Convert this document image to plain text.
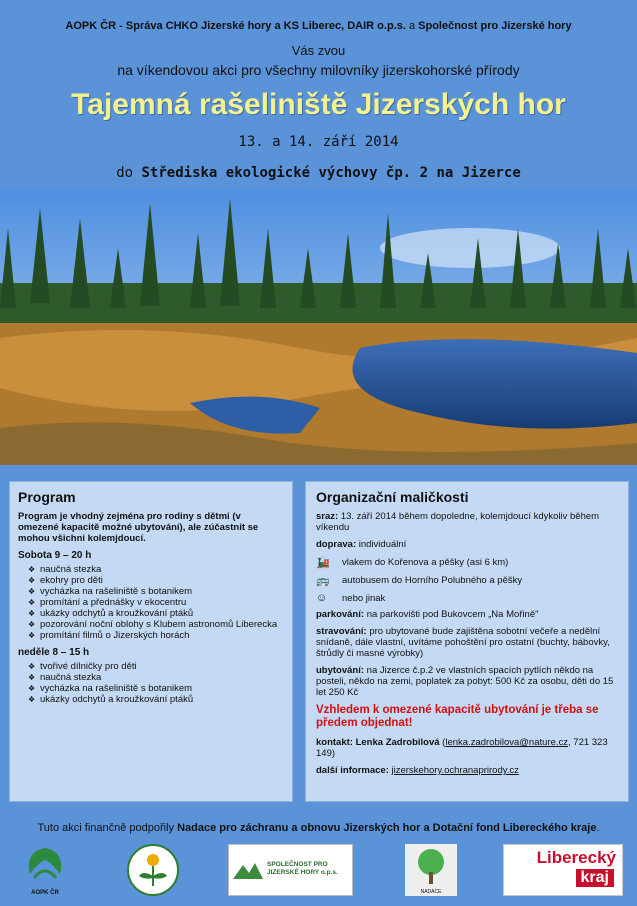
AOPK ČR - Správa CHKO Jizerské hory a KS Liberec, DAIR o.p.s. a Společnost pro Jizerské hory
Vás zvou
na víkendovou akci pro všechny milovníky jizerskohorské přírody
Tajemná rašeliniště Jizerských hor
13. a 14. září 2014
do Střediska ekologické výchovy čp. 2 na Jizerce
Program
Program je vhodný zejména pro rodiny s dětmi (v omezené kapacitě možné ubytování), ale zúčastnit se mohou všichni kolemjdoucí.
Sobota 9 – 20 h
❖ naučná stezka
❖ ekohry pro děti
❖ vycházka na rašeliniště s botanikem
❖ promítání a přednášky v ekocentru
❖ ukázky odchytů a kroužkování ptáků
❖ pozorování noční oblohy s Klubem astronomů Liberecka
❖ promítání filmů o Jizerských horách
neděle 8 – 15 h
❖ tvořivé dílničky pro děti
❖ naučná stezka
❖ vycházka na rašeliniště s botanikem
❖ ukázky odchytů a kroužkování ptáků
Organizační maličkosti
sraz: 13. září 2014 během dopoledne, kolemjdoucí kdykoliv během víkendu
doprava: individuální
🚂	vlakem do Kořenova a pěšky (asi 6 km)
🚌	autobusem do Horního Polubného a pěšky
☺	nebo jinak
parkování: na parkovišti pod Bukovcem „Na Mořině"
stravování: pro ubytované bude zajištěna sobotní večeře a nedělní snídaně, dále vlastní, uvítáme pohoštění pro ostatní (buchty, bábovky, štrůdly či masné výrobky)
ubytování: na Jizerce č.p.2 ve vlastních spacích pytlích někdo na posteli, někdo na zemi, poplatek za pobyt: 500 Kč za osobu, děti do 15 let 250 Kč
Vzhledem k omezené kapacitě ubytování je třeba se předem objednat!
kontakt: Lenka Zadrobilová (lenka.zadrobilova@nature.cz, 721 323 149)
další informace: jizerskehory.ochranaprirody.cz
Tuto akci finančně podpořily Nadace pro záchranu a obnovu Jizerských hor a Dotační fond Libereckého kraje.
AOPK ČR
SPOLEČNOST PRO
JIZERSKÉ HORY o.p.s.
NADACE
Liberecký
kraj
